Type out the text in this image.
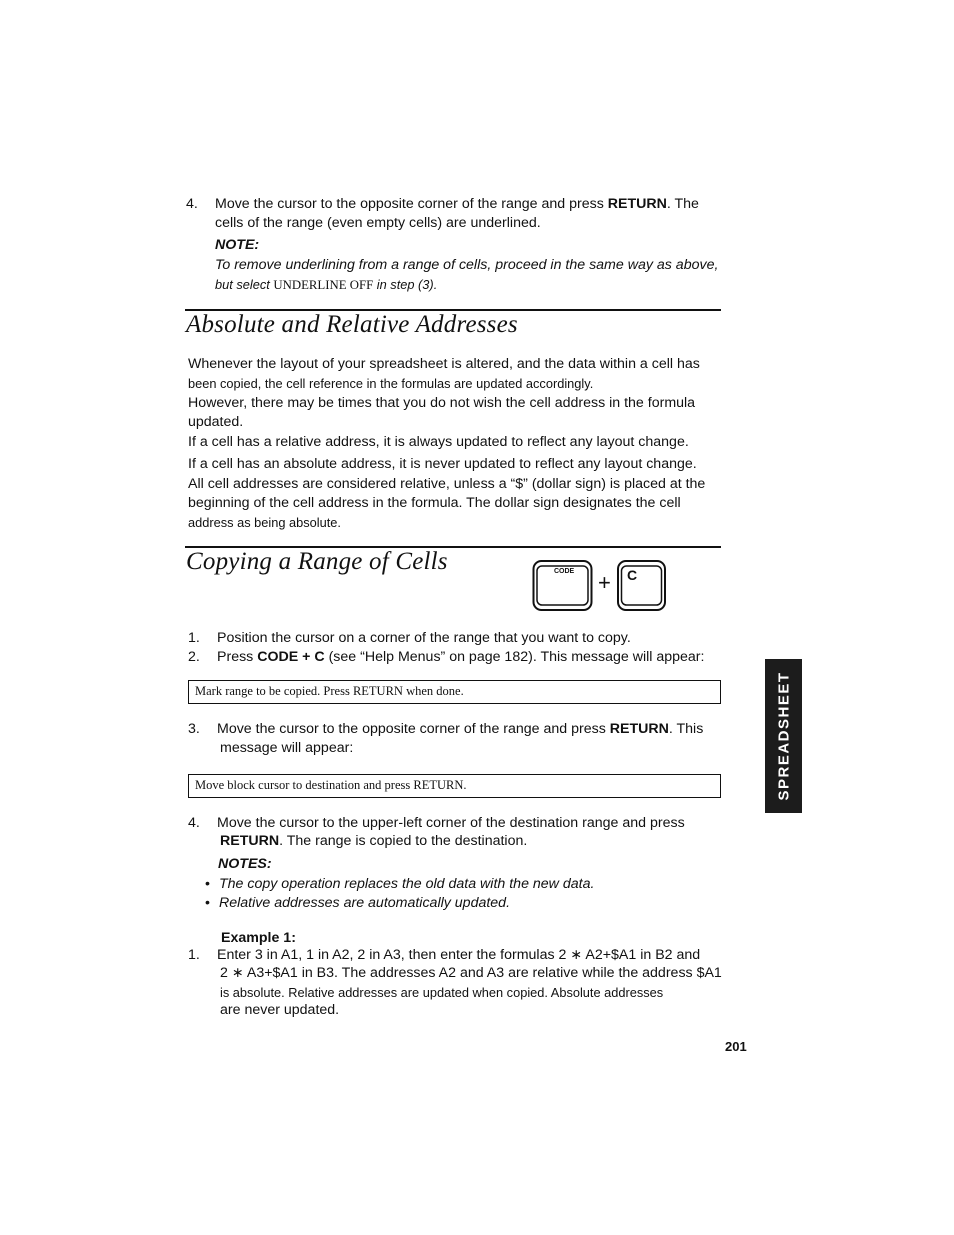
4.	Move the cursor to the opposite corner of the range and press RETURN. The
cells of the range (even empty cells) are underlined.
NOTE:
To remove underlining from a range of cells, proceed in the same way as above,
but select UNDERLINE OFF in step (3).
Absolute and Relative Addresses
Whenever the layout of your spreadsheet is altered, and the data within a cell has
been copied, the cell reference in the formulas are updated accordingly.
However, there may be times that you do not wish the cell address in the formula
updated.
If a cell has a relative address, it is always updated to reflect any layout change.
If a cell has an absolute address, it is never updated to reflect any layout change.
All cell addresses are considered relative, unless a “$” (dollar sign) is placed at the
beginning of the cell address in the formula. The dollar sign designates the cell
address as being absolute.
Copying a Range of Cells	CODE + C
1.	Position the cursor on a corner of the range that you want to copy.
2.	Press CODE + C (see “Help Menus” on page 182). This message will appear:
Mark range to be copied. Press RETURN when done.
3.	Move the cursor to the opposite corner of the range and press RETURN. This
message will appear:
Move block cursor to destination and press RETURN.
4.	Move the cursor to the upper-left corner of the destination range and press
RETURN. The range is copied to the destination.
NOTES:
• The copy operation replaces the old data with the new data.
• Relative addresses are automatically updated.
Example 1:
1.	Enter 3 in A1, 1 in A2, 2 in A3, then enter the formulas 2 ∗ A2+$A1 in B2 and
2 ∗ A3+$A1 in B3. The addresses A2 and A3 are relative while the address $A1
is absolute. Relative addresses are updated when copied. Absolute addresses
are never updated.
SPREADSHEET
201
